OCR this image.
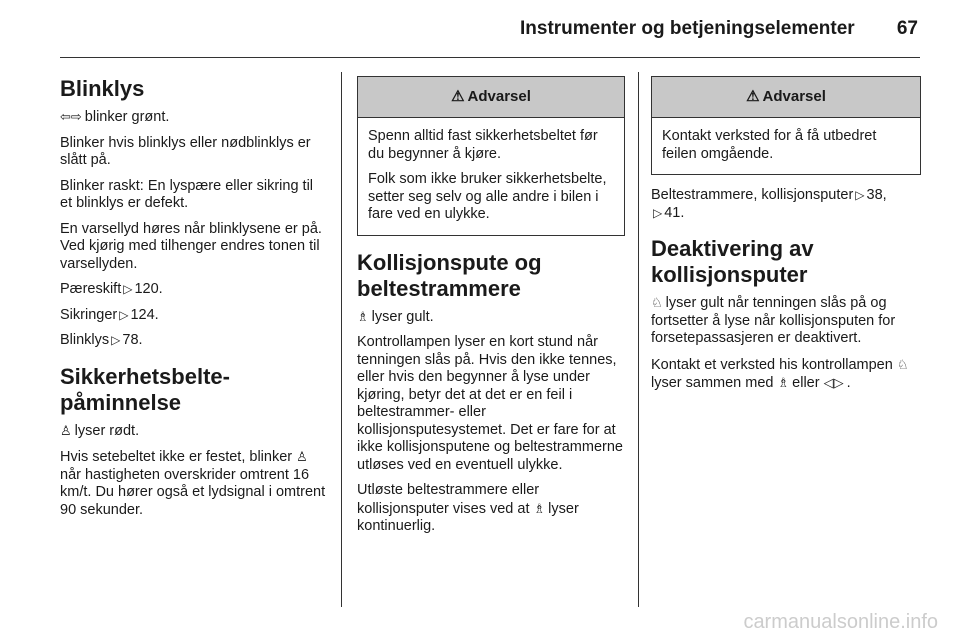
Instrumenter og betjeningselementer 67
Blinklys

⇦⇨ blinker grønt.

Blinker hvis blinklys eller nødblinklys er slått på.

Blinker raskt: En lyspære eller sikring til et blinklys er defekt.

En varsellyd høres når blinklysene er på. Ved kjørig med tilhenger endres tonen til varsellyden.

Pæreskift ▷ 120.

Sikringer ▷ 124.

Blinklys ▷ 78.

Sikkerhetsbelte-påminnelse

♙ lyser rødt.

Hvis setebeltet ikke er festet, blinker ♙når hastigheten overskrider omtrent 16 km/t. Du hører også et lydsignal i omtrent 90 sekunder.

⚠ Advarsel

Spenn alltid fast sikkerhetsbeltet før du begynner å kjøre.

Folk som ikke bruker sikkerhetsbelte, setter seg selv og alle andre i bilen i fare ved en ulykke.

Kollisjonspute og beltestrammere

♗ lyser gult.

Kontrollampen lyser en kort stund når tenningen slås på. Hvis den ikke tennes, eller hvis den begynner å lyse under kjøring, betyr det at det er en feil i beltestrammer- eller kollisjonsputesystemet. Det er fare for at ikke kollisjonsputene og beltestrammerne utløses ved en eventuell ulykke.

Utløste beltestrammere eller kollisjonsputer vises ved at ♗ lyser kontinuerlig.

⚠ Advarsel

Kontakt verksted for å få utbedret feilen omgående.

Beltestrammere, kollisjonsputer ▷ 38, ▷ 41.

Deaktivering av kollisjonsputer

♘ lyser gult når tenningen slås på og fortsetter å lyse når kollisjonsputen for forsetepassasjeren er deaktivert.

Kontakt et verksted his kontrollampen ♘lyser sammen med ♗ eller ◁▷ .

carmanualsonline.info
